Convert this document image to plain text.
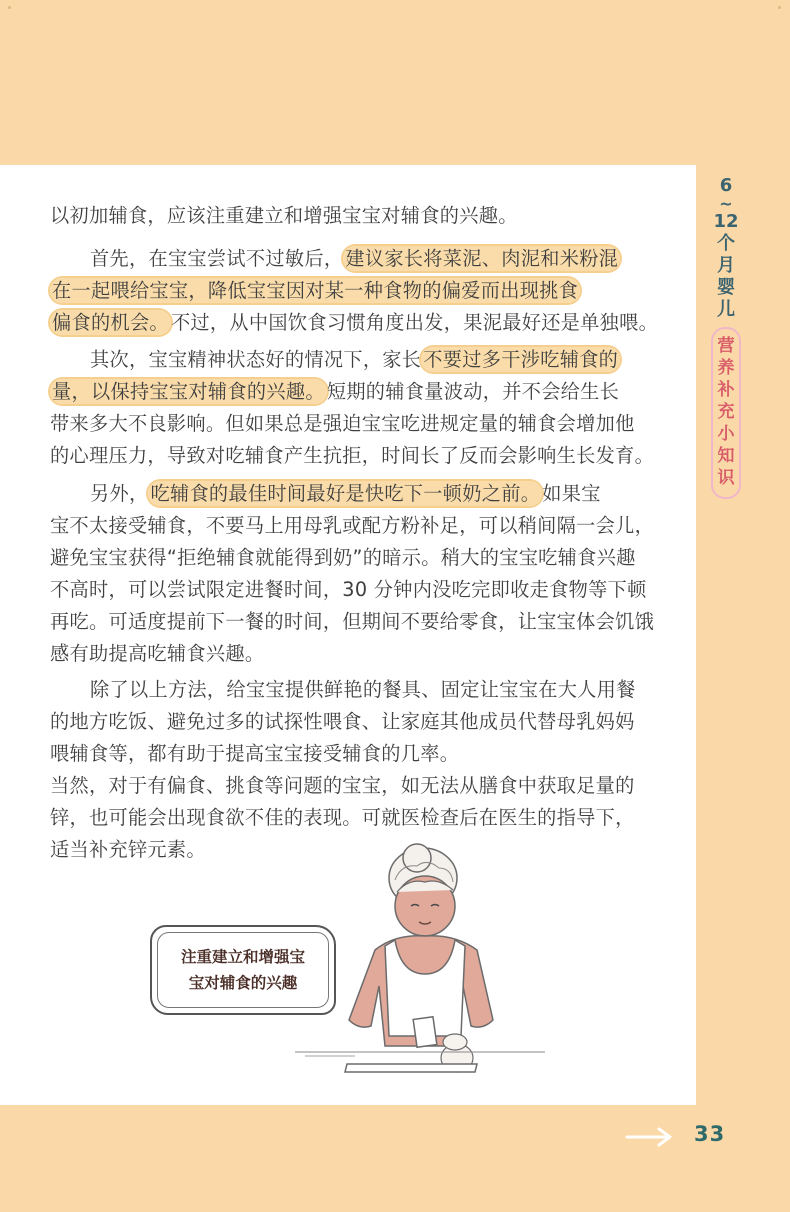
以初加辅食，应该注重建立和增强宝宝对辅食的兴趣。
首先，在宝宝尝试不过敏后， 建议家长将菜泥、肉泥和米粉混
在一起喂给宝宝，降低宝宝因对某一种食物的偏爱而出现挑食
偏食的机会。 不过，从中国饮食习惯角度出发，果泥最好还是单独喂。
其次，宝宝精神状态好的情况下，家长 不要过多干涉吃辅食的
量，以保持宝宝对辅食的兴趣。 短期的辅食量波动，并不会给生长
带来多大不良影响。但如果总是强迫宝宝吃进规定量的辅食会增加他
的心理压力，导致对吃辅食产生抗拒，时间长了反而会影响生长发育。
另外， 吃辅食的最佳时间最好是快吃下一顿奶之前。 如果宝
宝不太接受辅食，不要马上用母乳或配方粉补足，可以稍间隔一会儿，
避免宝宝获得“拒绝辅食就能得到奶”的暗示。稍大的宝宝吃辅食兴趣
不高时，可以尝试限定进餐时间，30 分钟内没吃完即收走食物等下顿
再吃。可适度提前下一餐的时间，但期间不要给零食，让宝宝体会饥饿
感有助提高吃辅食兴趣。
除了以上方法，给宝宝提供鲜艳的餐具、固定让宝宝在大人用餐
的地方吃饭、避免过多的试探性喂食、让家庭其他成员代替母乳妈妈
喂辅食等，都有助于提高宝宝接受辅食的几率。
当然，对于有偏食、挑食等问题的宝宝，如无法从膳食中获取足量的
锌，也可能会出现食欲不佳的表现。可就医检查后在医生的指导下，
适当补充锌元素。
6
~
12
个
月
婴
儿
营
养
补
充
小
知
识
注重建立和增强宝
宝对辅食的兴趣
33
